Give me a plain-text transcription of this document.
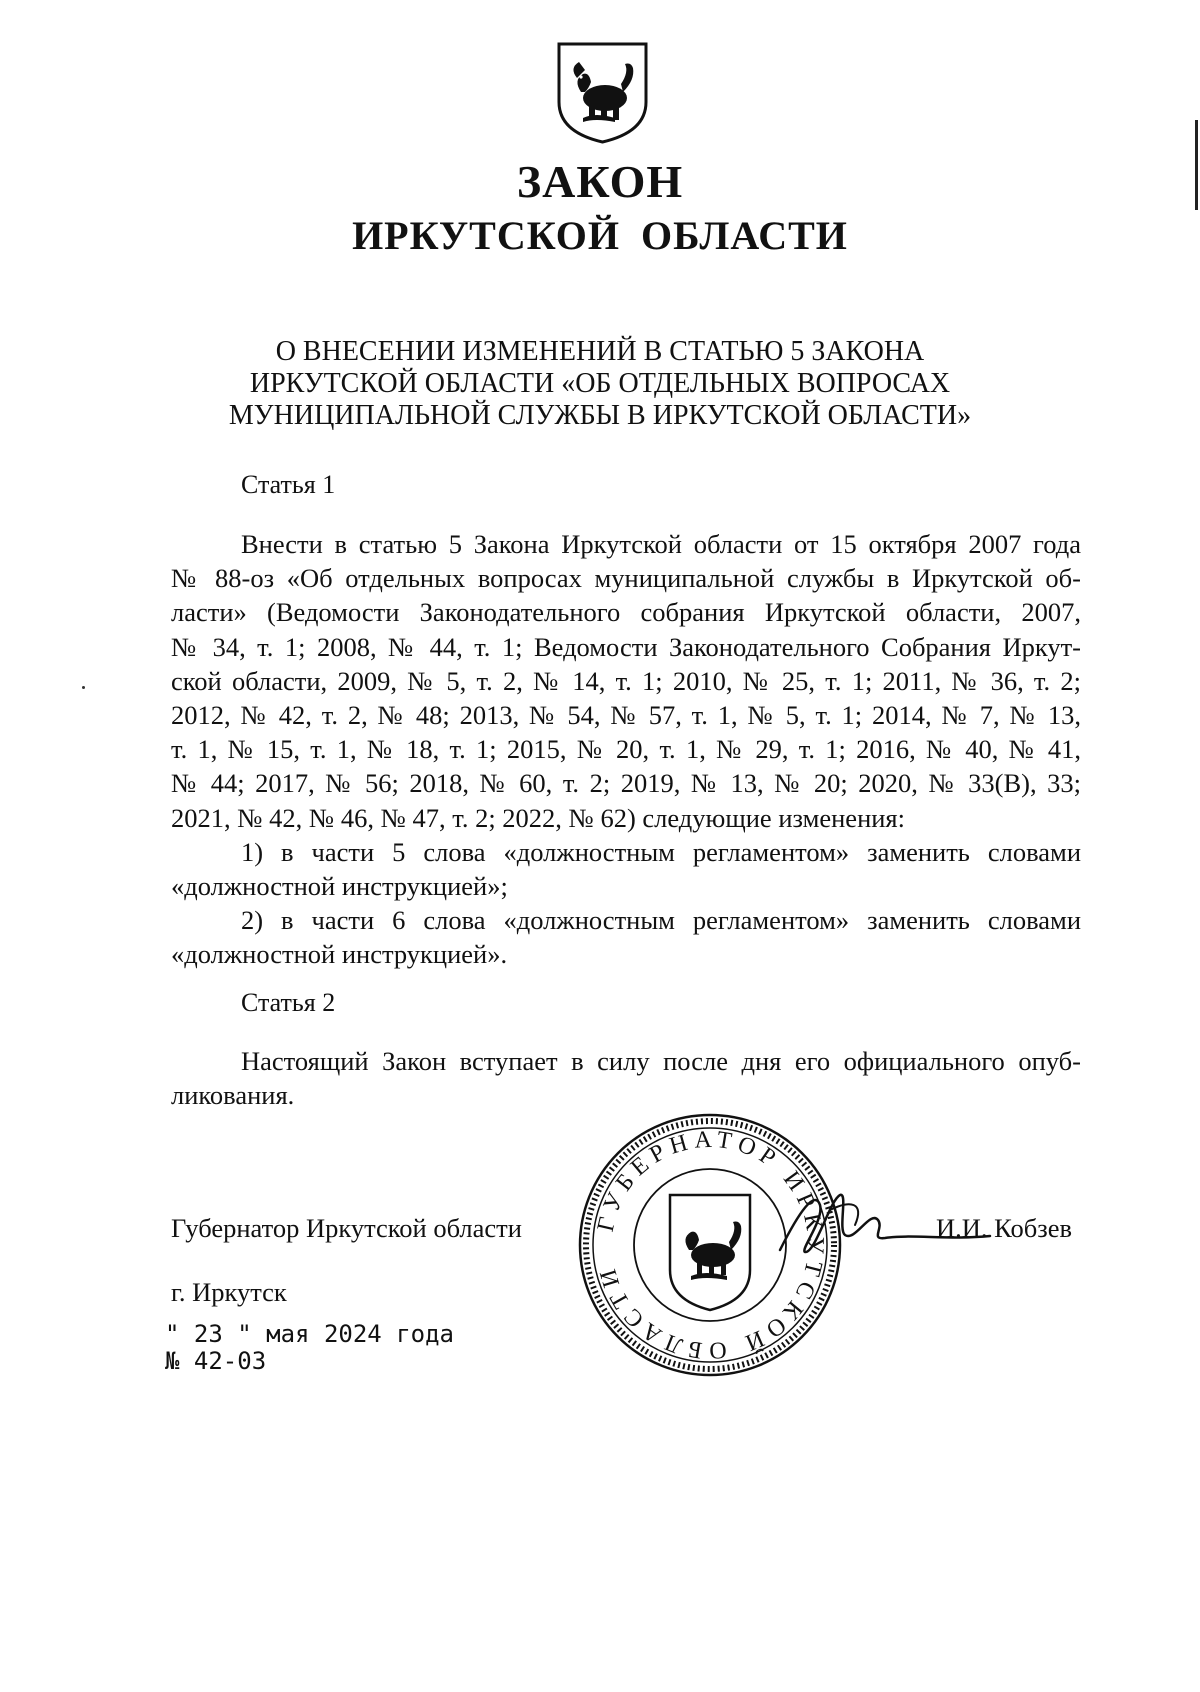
ЗАКОН
ИРКУТСКОЙ ОБЛАСТИ
О ВНЕСЕНИИ ИЗМЕНЕНИЙ В СТАТЬЮ 5 ЗАКОНА
ИРКУТСКОЙ ОБЛАСТИ «ОБ ОТДЕЛЬНЫХ ВОПРОСАХ
МУНИЦИПАЛЬНОЙ СЛУЖБЫ В ИРКУТСКОЙ ОБЛАСТИ»
Статья 1
Внести в статью 5 Закона Иркутской области от 15 октября 2007 года
№ 88-оз «Об отдельных вопросах муниципальной службы в Иркутской об-
ласти» (Ведомости Законодательного собрания Иркутской области, 2007,
№ 34, т. 1; 2008, № 44, т. 1; Ведомости Законодательного Собрания Иркут-
ской области, 2009, № 5, т. 2, № 14, т. 1; 2010, № 25, т. 1; 2011, № 36, т. 2;
2012, № 42, т. 2, № 48; 2013, № 54, № 57, т. 1, № 5, т. 1; 2014, № 7, № 13,
т. 1, № 15, т. 1, № 18, т. 1; 2015, № 20, т. 1, № 29, т. 1; 2016, № 40, № 41,
№ 44; 2017, № 56; 2018, № 60, т. 2; 2019, № 13, № 20; 2020, № 33(В), 33;
2021, № 42, № 46, № 47, т. 2; 2022, № 62) следующие изменения:
1) в части 5 слова «должностным регламентом» заменить словами
«должностной инструкцией»;
2) в части 6 слова «должностным регламентом» заменить словами
«должностной инструкцией».
Статья 2
Настоящий Закон вступает в силу после дня его официального опуб-
ликования.
ГУБЕРНАТОР ИРКУТСКОЙ ОБЛАСТИ
Губернатор Иркутской области	И.И. Кобзев
г. Иркутск
" 23 " мая 2024 года
№ 42-03
